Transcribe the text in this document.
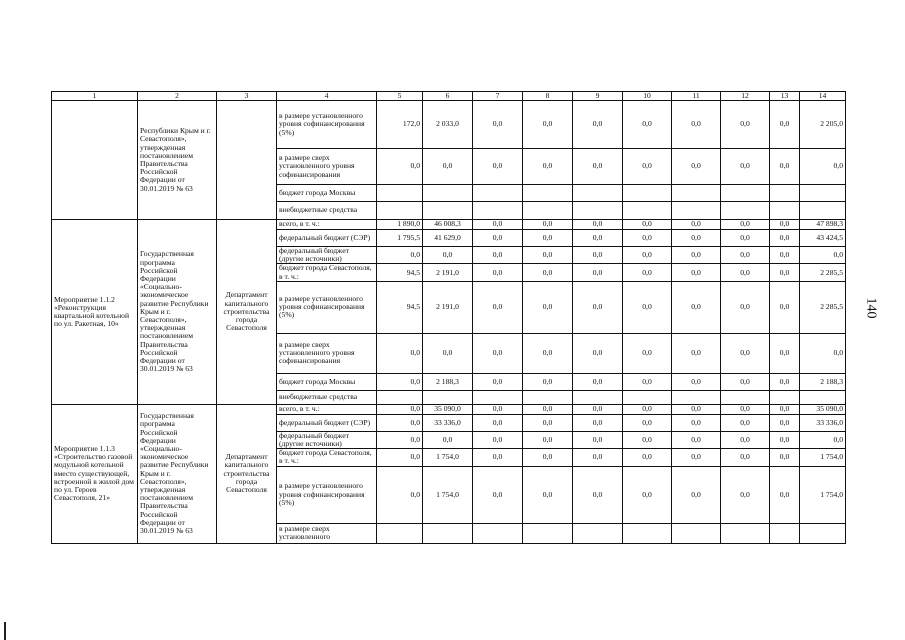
140
1	2	3	4	5	6	7	8	9	10	11	12	13	14
	Республики Крым и г. Севастополя», утвержденная постановлением Правительства Российской Федерации от 30.01.2019 № 63		в размере установленного уровня софинансирования (5%)	172,0	2 033,0	0,0	0,0	0,0	0,0	0,0	0,0	0,0	2 205,0
			в размере сверх установленного уровня софинансирования	0,0	0,0	0,0	0,0	0,0	0,0	0,0	0,0	0,0	0,0
			бюджет города Москвы										
			внебюджетные средства										
Мероприятие 1.1.2 «Реконструкция квартальной котельной по ул. Ракетная, 10»	Государственная программа Российской Федерации «Социально-экономическое развитие Республики Крым и г. Севастополя», утвержденная постановлением Правительства Российской Федерации от 30.01.2019 № 63	Департамент капитального строительства города Севастополя	всего, в т. ч.:	1 890,0	46 008,3	0,0	0,0	0,0	0,0	0,0	0,0	0,0	47 898,3
			федеральный бюджет (СЭР)	1 795,5	41 629,0	0,0	0,0	0,0	0,0	0,0	0,0	0,0	43 424,5
			федеральный бюджет (другие источники)	0,0	0,0	0,0	0,0	0,0	0,0	0,0	0,0	0,0	0,0
			бюджет города Севастополя, в т. ч.:	94,5	2 191,0	0,0	0,0	0,0	0,0	0,0	0,0	0,0	2 285,5
			в размере установленного уровня софинансирования (5%)	94,5	2 191,0	0,0	0,0	0,0	0,0	0,0	0,0	0,0	2 285,5
			в размере сверх установленного уровня софинансирования	0,0	0,0	0,0	0,0	0,0	0,0	0,0	0,0	0,0	0,0
			бюджет города Москвы	0,0	2 188,3	0,0	0,0	0,0	0,0	0,0	0,0	0,0	2 188,3
			внебюджетные средства										
Мероприятие 1.1.3 «Строительство газовой модульной котельной вместо существующей, встроенной в жилой дом по ул. Героев Севастополя, 21»	Государственная программа Российской Федерации «Социально-экономическое развитие Республики Крым и г. Севастополя», утвержденная постановлением Правительства Российской Федерации от 30.01.2019 № 63	Департамент капитального строительства города Севастополя	всего, в т. ч.:	0,0	35 090,0	0,0	0,0	0,0	0,0	0,0	0,0	0,0	35 090,0
			федеральный бюджет (СЭР)	0,0	33 336,0	0,0	0,0	0,0	0,0	0,0	0,0	0,0	33 336,0
			федеральный бюджет (другие источники)	0,0	0,0	0,0	0,0	0,0	0,0	0,0	0,0	0,0	0,0
			бюджет города Севастополя, в т. ч.:	0,0	1 754,0	0,0	0,0	0,0	0,0	0,0	0,0	0,0	1 754,0
			в размере установленного уровня софинансирования (5%)	0,0	1 754,0	0,0	0,0	0,0	0,0	0,0	0,0	0,0	1 754,0
			в размере сверх установленного										
